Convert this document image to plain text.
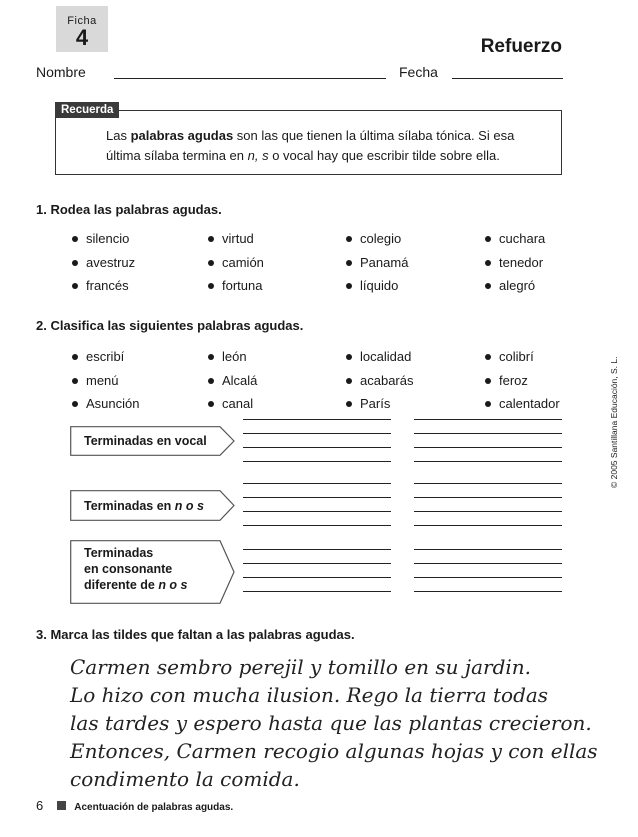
Ficha
4	Refuerzo
Nombre	Fecha
Recuerda
Las palabras agudas son las que tienen la última sílaba tónica. Si esa última sílaba termina en n, s o vocal hay que escribir tilde sobre ella.
1. Rodea las palabras agudas.
silencio	virtud	colegio	cuchara
avestruz	camión	Panamá	tenedor
francés	fortuna	líquido	alegró
2. Clasifica las siguientes palabras agudas.
escribí	león	localidad	colibrí
menú	Alcalá	acabarás	feroz
Asunción	canal	París	calentador
Terminadas en vocal
Terminadas en n o s
Terminadas
en consonante
diferente de n o s
3. Marca las tildes que faltan a las palabras agudas.
Carmen sembro perejil y tomillo en su jardin.
Lo hizo con mucha ilusion. Rego la tierra todas
las tardes y espero hasta que las plantas crecieron.
Entonces, Carmen recogio algunas hojas y con ellas
condimento la comida.
© 2005 Santillana Educación, S. L.
6	Acentuación de palabras agudas.
